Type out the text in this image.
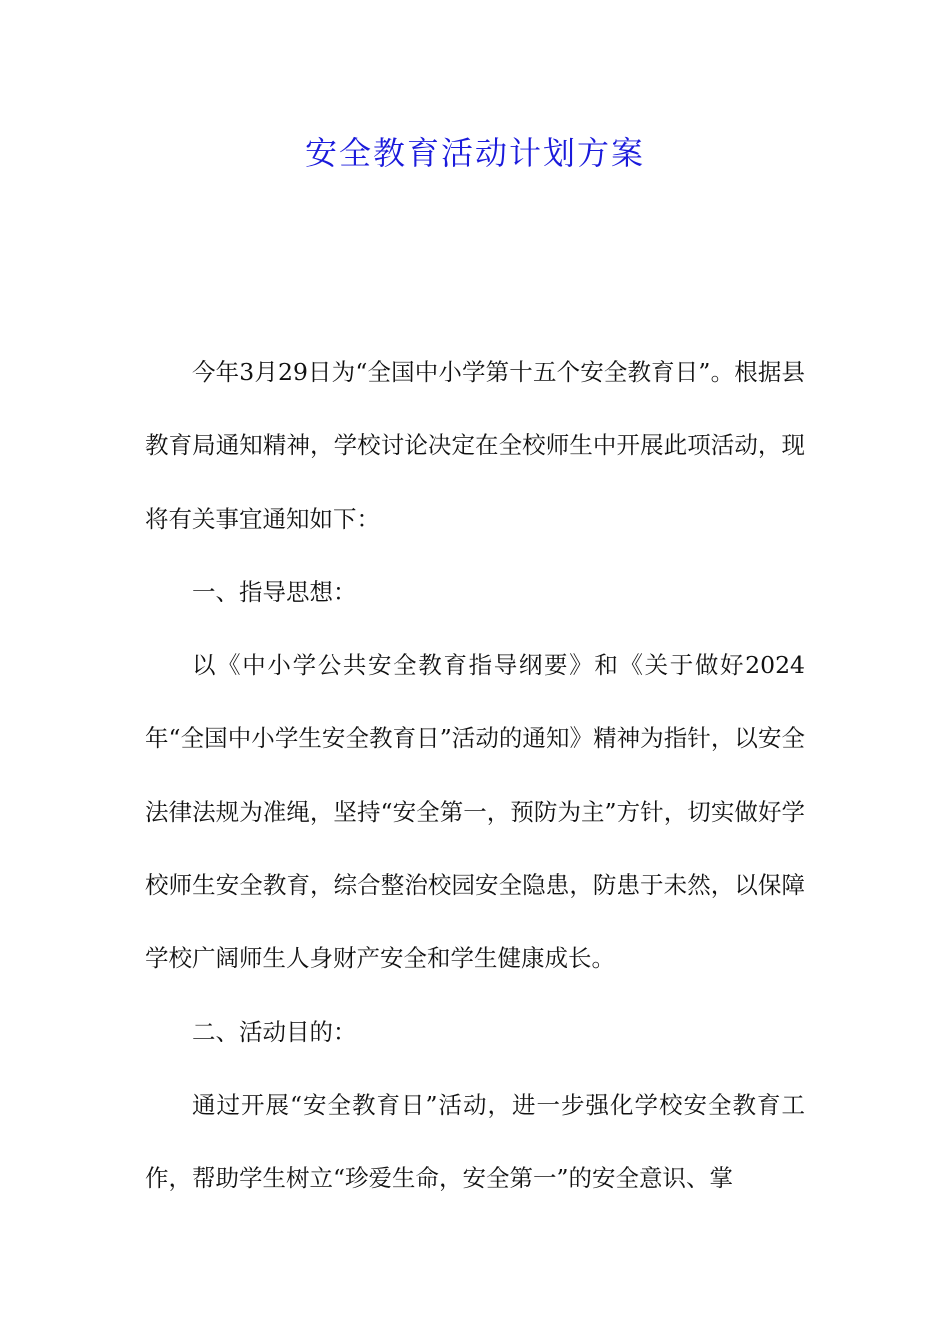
安全教育活动计划方案

今年3月29日为“全国中小学第十五个安全教育日”。根据县教育局通知精神，学校讨论决定在全校师生中开展此项活动，现将有关事宜通知如下：

一、指导思想：

以《中小学公共安全教育指导纲要》和《关于做好2024年“全国中小学生安全教育日”活动的通知》精神为指针，以安全法律法规为准绳，坚持“安全第一，预防为主”方针，切实做好学校师生安全教育，综合整治校园安全隐患，防患于未然，以保障学校广阔师生人身财产安全和学生健康成长。

二、活动目的：

通过开展“安全教育日”活动，进一步强化学校安全教育工作，帮助学生树立“珍爱生命，安全第一”的安全意识、掌
